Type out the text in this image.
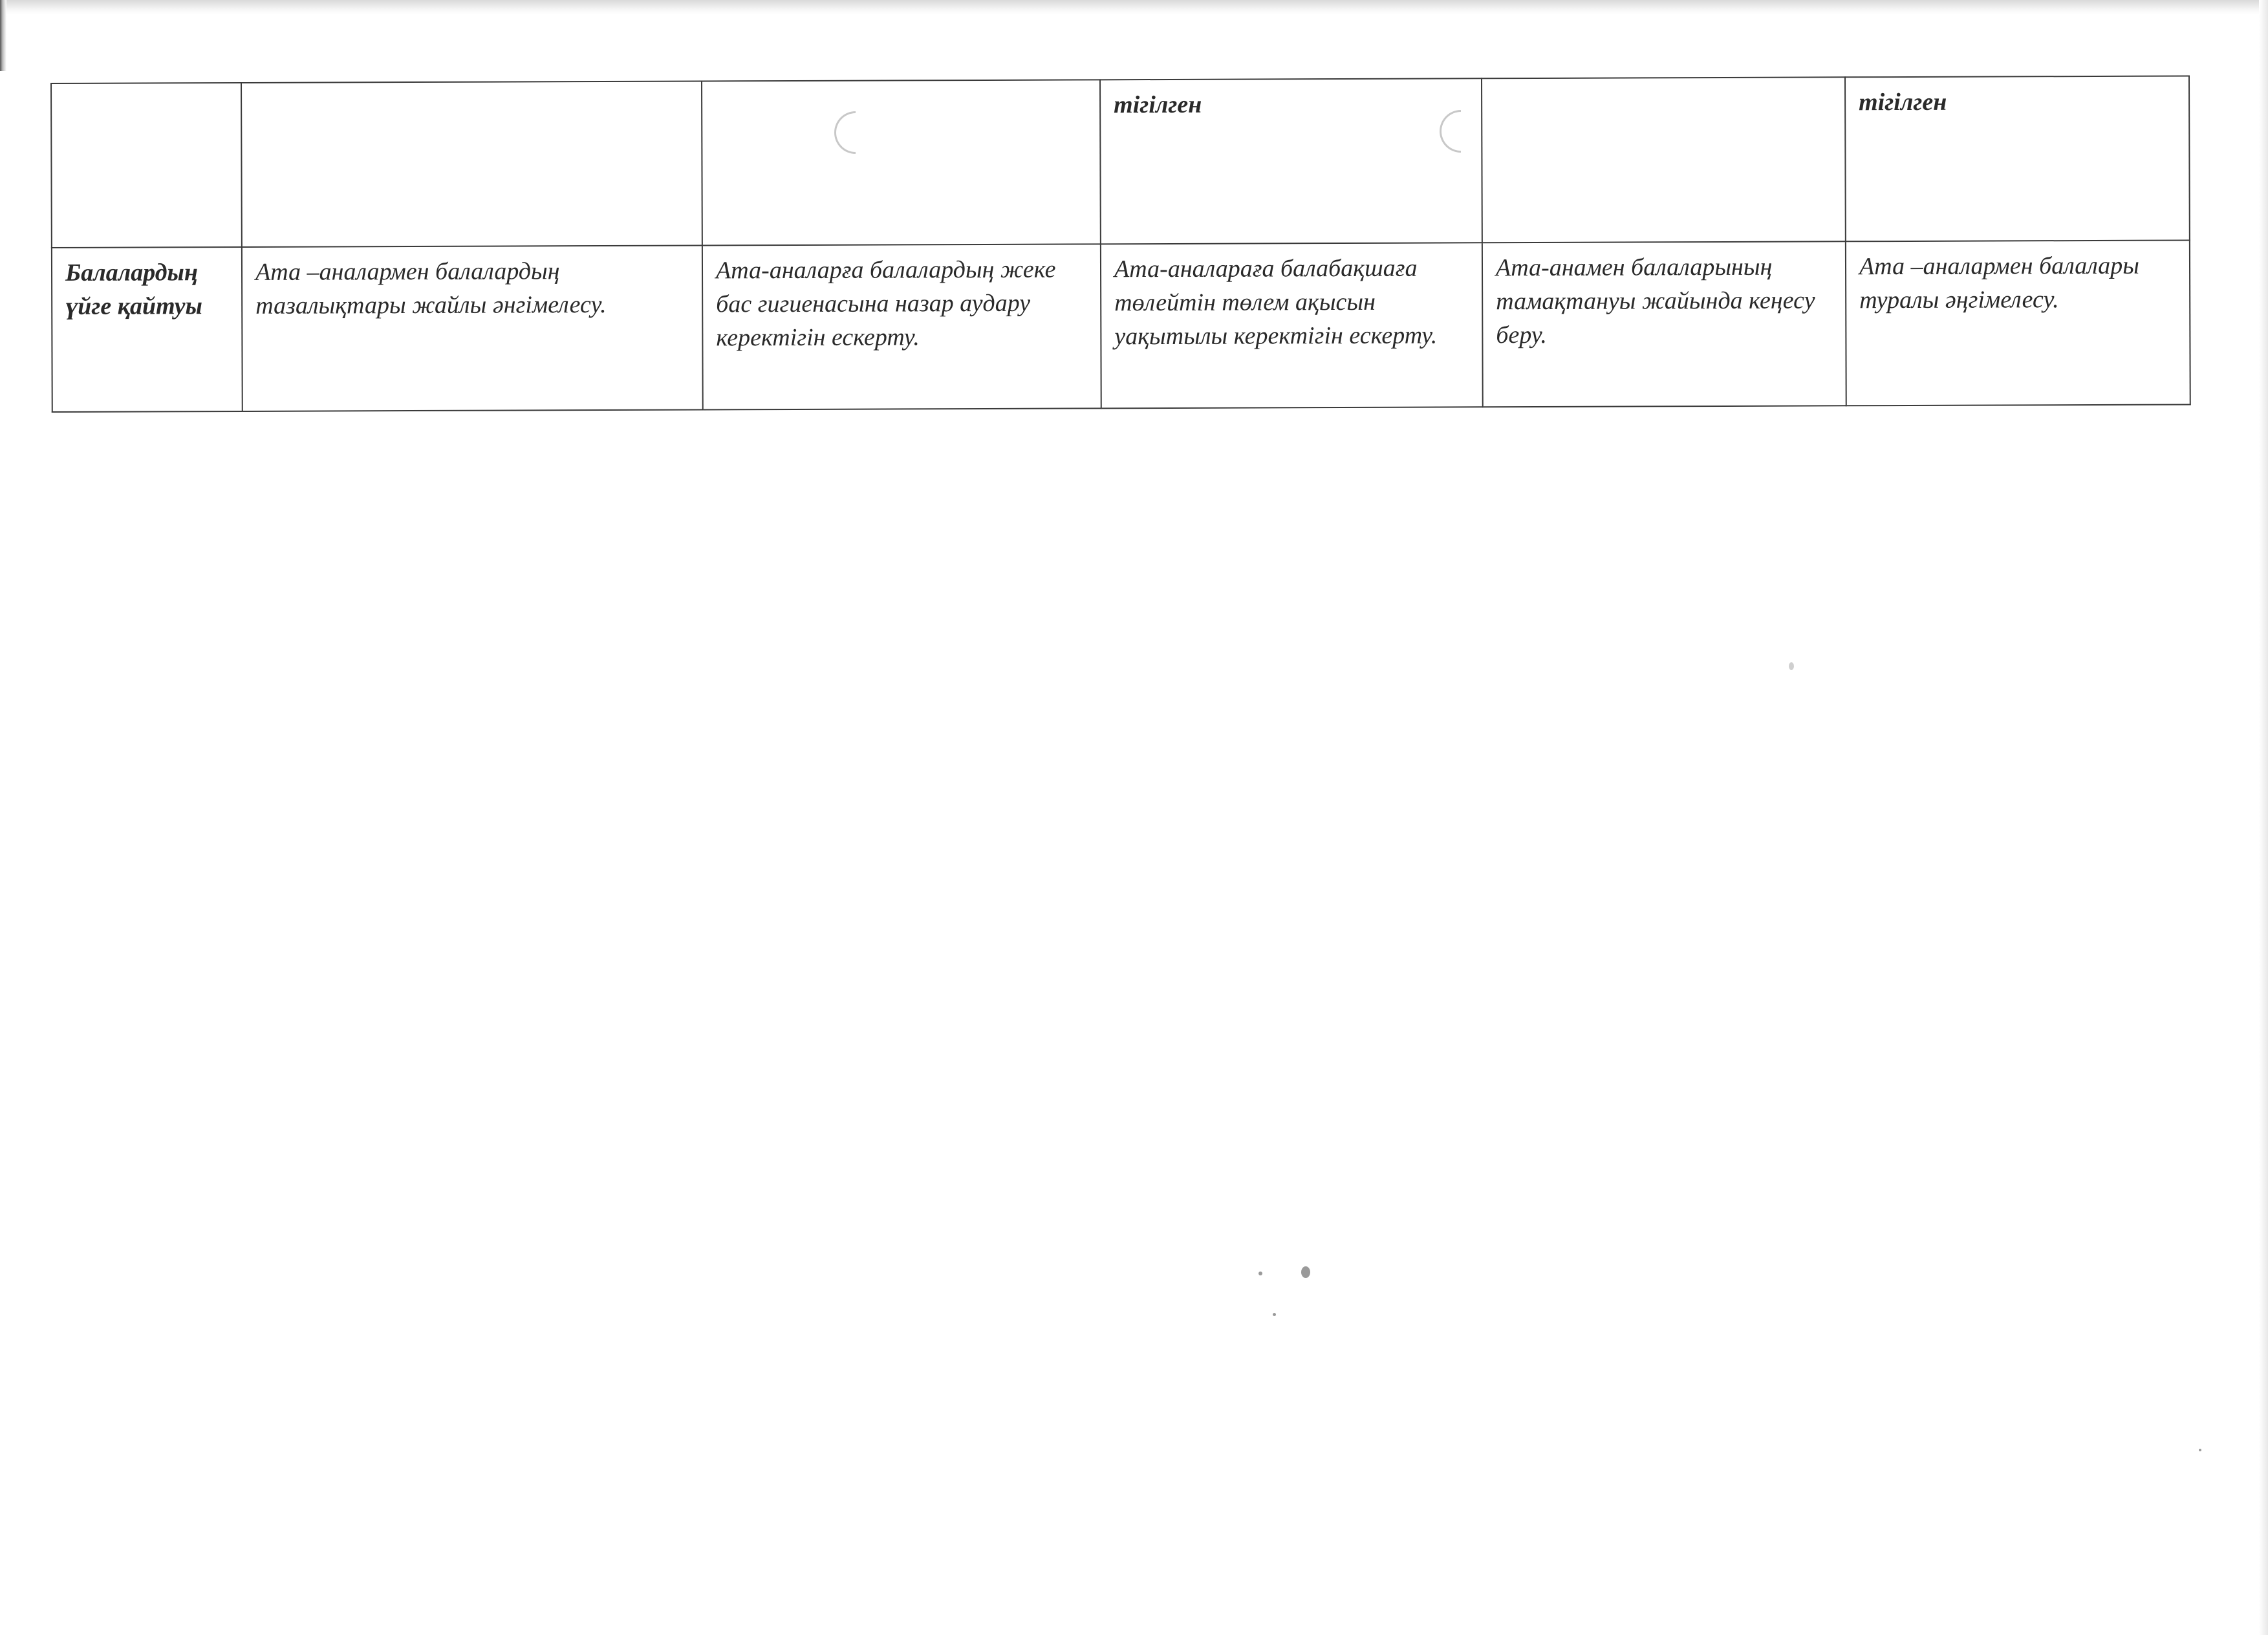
			тігілген		тігілген
Балалардың үйге қайтуы	Ата –аналармен балалардың тазалықтары жайлы әнгімелесу.	Ата-аналарға балалардың жеке бас гигиенасына назар аудару керектігін ескерту.	Ата-аналараға балабақшаға төлейтін төлем ақысын уақытылы керектігін ескерту.	Ата-анамен балаларының тамақтануы жайында кеңесу беру.	Ата –аналармен балалары туралы әңгімелесу.
